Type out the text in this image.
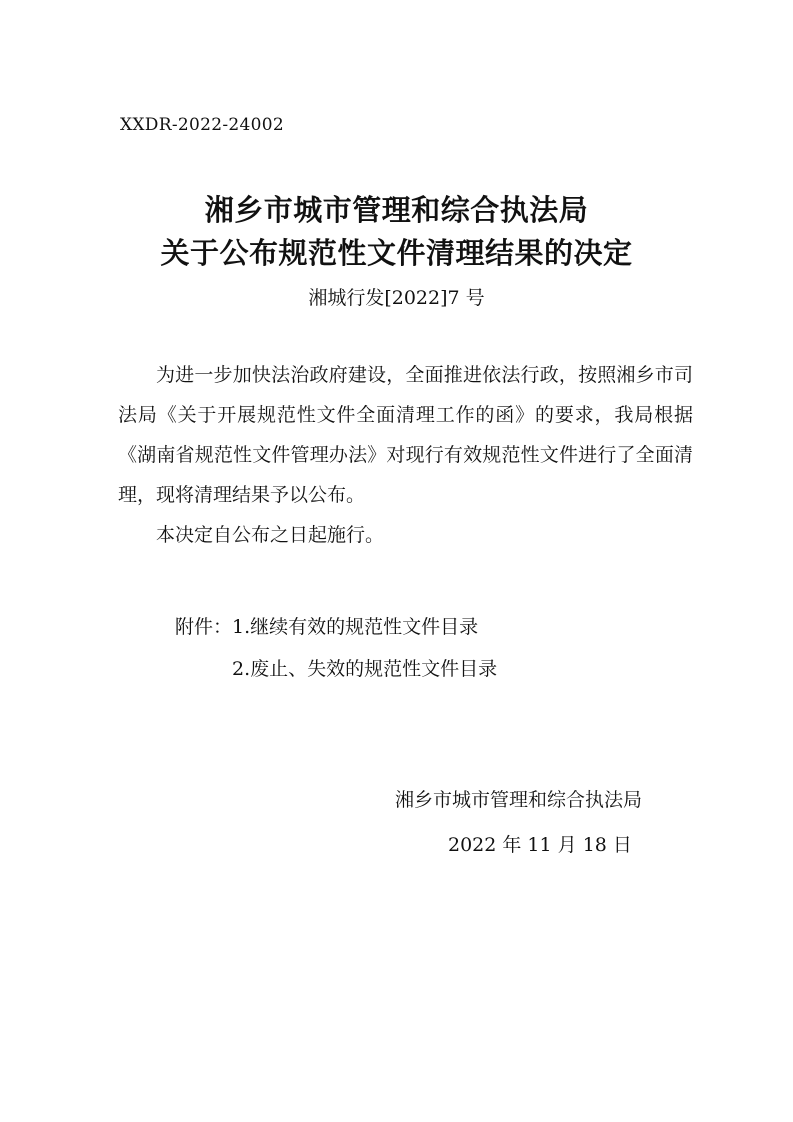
XXDR-2022-24002
湘乡市城市管理和综合执法局
关于公布规范性文件清理结果的决定
湘城行发[2022]7 号

为进一步加快法治政府建设，全面推进依法行政，按照湘乡市司法局《关于开展规范性文件全面清理工作的函》的要求，我局根据《湖南省规范性文件管理办法》对现行有效规范性文件进行了全面清理，现将清理结果予以公布。

本决定自公布之日起施行。

附件：1.继续有效的规范性文件目录
2.废止、失效的规范性文件目录
湘乡市城市管理和综合执法局
2022 年 11 月 18 日
